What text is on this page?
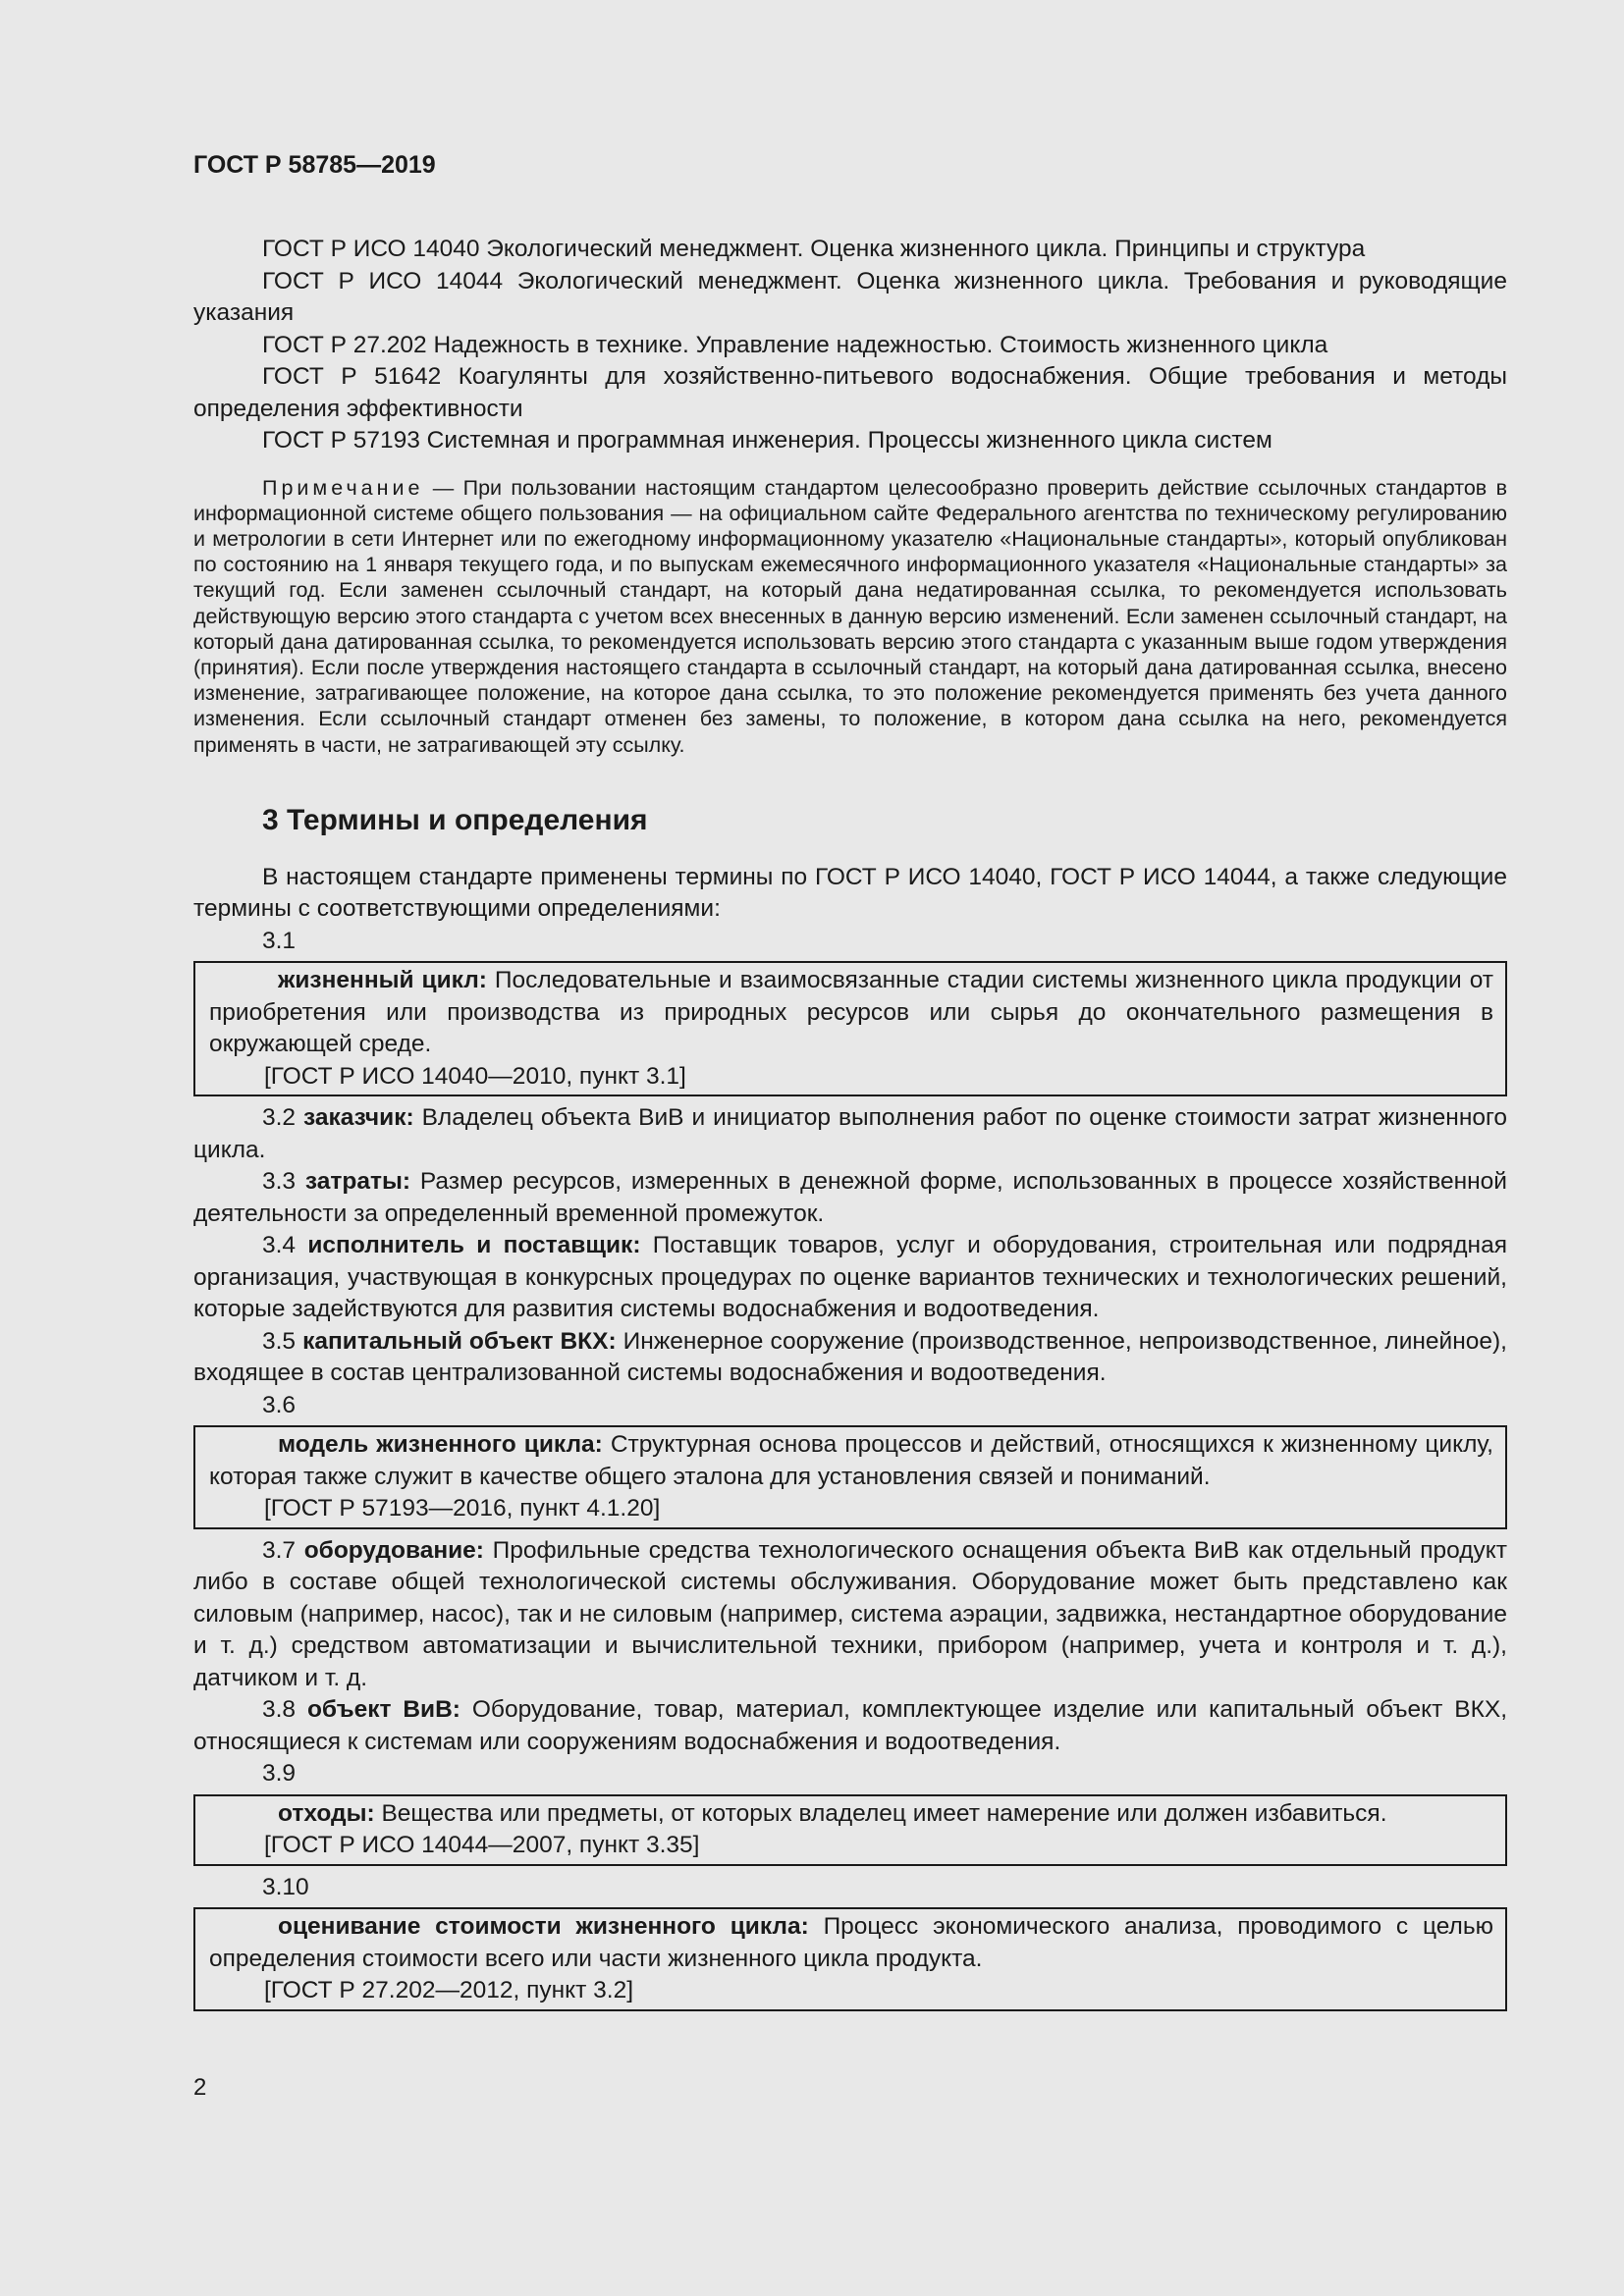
ГОСТ Р 58785—2019

ГОСТ Р ИСО 14040 Экологический менеджмент. Оценка жизненного цикла. Принципы и структура

ГОСТ Р ИСО 14044 Экологический менеджмент. Оценка жизненного цикла. Требования и руководящие указания

ГОСТ Р 27.202 Надежность в технике. Управление надежностью. Стоимость жизненного цикла

ГОСТ Р 51642 Коагулянты для хозяйственно-питьевого водоснабжения. Общие требования и методы определения эффективности

ГОСТ Р 57193 Системная и программная инженерия. Процессы жизненного цикла систем

Примечание — При пользовании настоящим стандартом целесообразно проверить действие ссылочных стандартов в информационной системе общего пользования — на официальном сайте Федерального агентства по техническому регулированию и метрологии в сети Интернет или по ежегодному информационному указателю «Национальные стандарты», который опубликован по состоянию на 1 января текущего года, и по выпускам ежемесячного информационного указателя «Национальные стандарты» за текущий год. Если заменен ссылочный стандарт, на который дана недатированная ссылка, то рекомендуется использовать действующую версию этого стандарта с учетом всех внесенных в данную версию изменений. Если заменен ссылочный стандарт, на который дана датированная ссылка, то рекомендуется использовать версию этого стандарта с указанным выше годом утверждения (принятия). Если после утверждения настоящего стандарта в ссылочный стандарт, на который дана датированная ссылка, внесено изменение, затрагивающее положение, на которое дана ссылка, то это положение рекомендуется применять без учета данного изменения. Если ссылочный стандарт отменен без замены, то положение, в котором дана ссылка на него, рекомендуется применять в части, не затрагивающей эту ссылку.

3 Термины и определения

В настоящем стандарте применены термины по ГОСТ Р ИСО 14040, ГОСТ Р ИСО 14044, а также следующие термины с соответствующими определениями:

3.1

жизненный цикл: Последовательные и взаимосвязанные стадии системы жизненного цикла продукции от приобретения или производства из природных ресурсов или сырья до окончательного размещения в окружающей среде.

[ГОСТ Р ИСО 14040—2010, пункт 3.1]

3.2 заказчик: Владелец объекта ВиВ и инициатор выполнения работ по оценке стоимости затрат жизненного цикла.

3.3 затраты: Размер ресурсов, измеренных в денежной форме, использованных в процессе хозяйственной деятельности за определенный временной промежуток.

3.4 исполнитель и поставщик: Поставщик товаров, услуг и оборудования, строительная или подрядная организация, участвующая в конкурсных процедурах по оценке вариантов технических и технологических решений, которые задействуются для развития системы водоснабжения и водоотведения.

3.5 капитальный объект ВКХ: Инженерное сооружение (производственное, непроизводственное, линейное), входящее в состав централизованной системы водоснабжения и водоотведения.

3.6

модель жизненного цикла: Структурная основа процессов и действий, относящихся к жизненному циклу, которая также служит в качестве общего эталона для установления связей и пониманий.

[ГОСТ Р 57193—2016, пункт 4.1.20]

3.7 оборудование: Профильные средства технологического оснащения объекта ВиВ как отдельный продукт либо в составе общей технологической системы обслуживания. Оборудование может быть представлено как силовым (например, насос), так и не силовым (например, система аэрации, задвижка, нестандартное оборудование и т. д.) средством автоматизации и вычислительной техники, прибором (например, учета и контроля и т. д.), датчиком и т. д.

3.8 объект ВиВ: Оборудование, товар, материал, комплектующее изделие или капитальный объект ВКХ, относящиеся к системам или сооружениям водоснабжения и водоотведения.

3.9

отходы: Вещества или предметы, от которых владелец имеет намерение или должен избавиться.

[ГОСТ Р ИСО 14044—2007, пункт 3.35]

3.10

оценивание стоимости жизненного цикла: Процесс экономического анализа, проводимого с целью определения стоимости всего или части жизненного цикла продукта.

[ГОСТ Р 27.202—2012, пункт 3.2]

2
